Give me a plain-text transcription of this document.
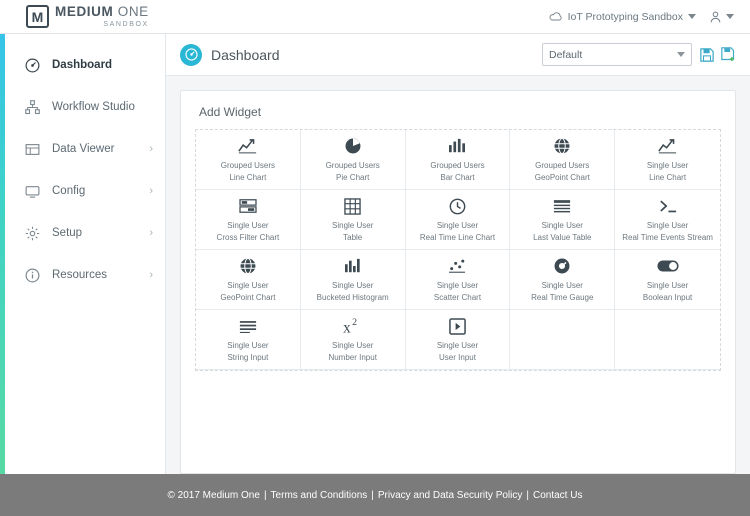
M MEDIUM ONE
SANDBOX
IoT Prototyping Sandbox
Dashboard
Workflow Studio
Data Viewer	›
Config	›
Setup	›
Resources	›
Dashboard	Default
Add Widget
Grouped Users
Line Chart
Grouped Users
Pie Chart
Grouped Users
Bar Chart
Grouped Users
GeoPoint Chart
Single User
Line Chart
Single User
Cross Filter Chart
Single User
Table
Single User
Real Time Line Chart
Single User
Last Value Table
Single User
Real Time Events Stream
Single User
GeoPoint Chart
Single User
Bucketed Histogram
Single User
Scatter Chart
Single User
Real Time Gauge
Single User
Boolean Input
Single User
String Input
x 2
Single User
Number Input
Single User
User Input
© 2017 Medium One | Terms and Conditions | Privacy and Data Security Policy | Contact Us
